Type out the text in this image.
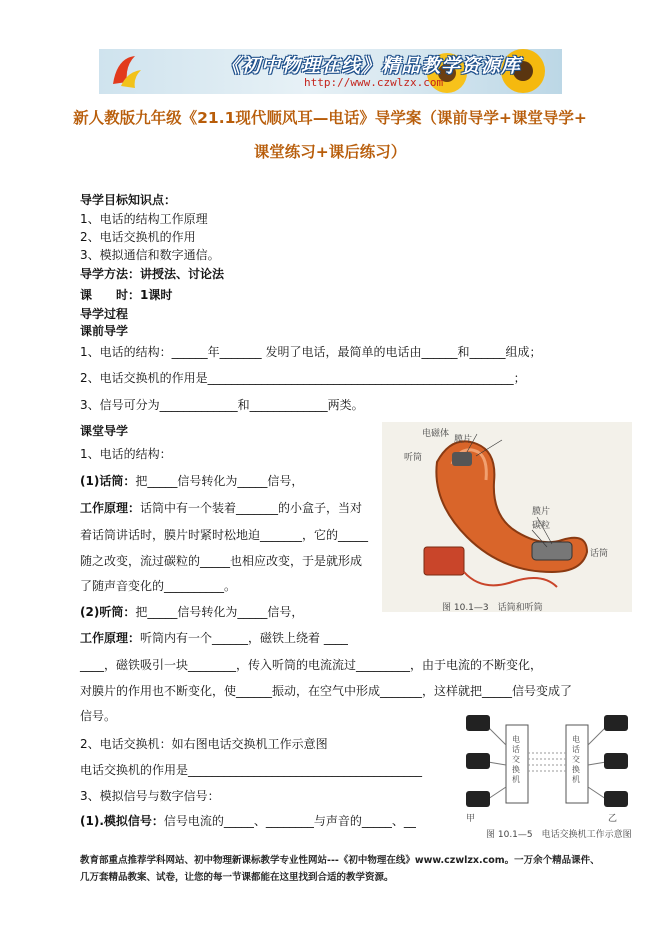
《初中物理在线》精品教学资源库
http://www.czwlzx.com
新人教版九年级《21.1现代顺风耳—电话》导学案（课前导学+课堂导学+
课堂练习+课后练习）
导学目标知识点：
1、电话的结构工作原理
2、电话交换机的作用
3、模拟通信和数字通信。
导学方法：讲授法、讨论法
课　　时：1课时
导学过程
课前导学
1、电话的结构：______年_______ 发明了电话，最简单的电话由______和______组成；
2、电话交换机的作用是___________________________________________________；
3、信号可分为_____________和_____________两类。
课堂导学
1、电话的结构：
(1)话筒：把_____信号转化为_____信号，
工作原理：话筒中有一个装着_______的小盒子，当对
着话筒讲话时，膜片时紧时松地迫_______，它的_____
随之改变，流过碳粒的_____也相应改变，于是就形成
了随声音变化的__________。
(2)听筒：把_____信号转化为_____信号，
工作原理：听筒内有一个______，磁铁上绕着 ____
____，磁铁吸引一块________，传入听筒的电流流过_________，由于电流的不断变化，
对膜片的作用也不断变化，使______振动，在空气中形成_______，这样就把_____信号变成了
信号。
2、电话交换机：如右图电话交换机工作示意图
电话交换机的作用是_______________________________________
3、模拟信号与数字信号：
(1).模拟信号：信号电流的_____、________与声音的_____、__
电磁体
膜片
听筒
膜片
碳粒
话筒
图 10.1—3　话筒和听筒
电话交换机
电话交换机
甲	乙
图 10.1—5　电话交换机工作示意图
教育部重点推荐学科网站、初中物理新课标教学专业性网站---《初中物理在线》www.czwlzx.com。一万余个精品课件、几万套精品教案、试卷，让您的每一节课都能在这里找到合适的教学资源。
